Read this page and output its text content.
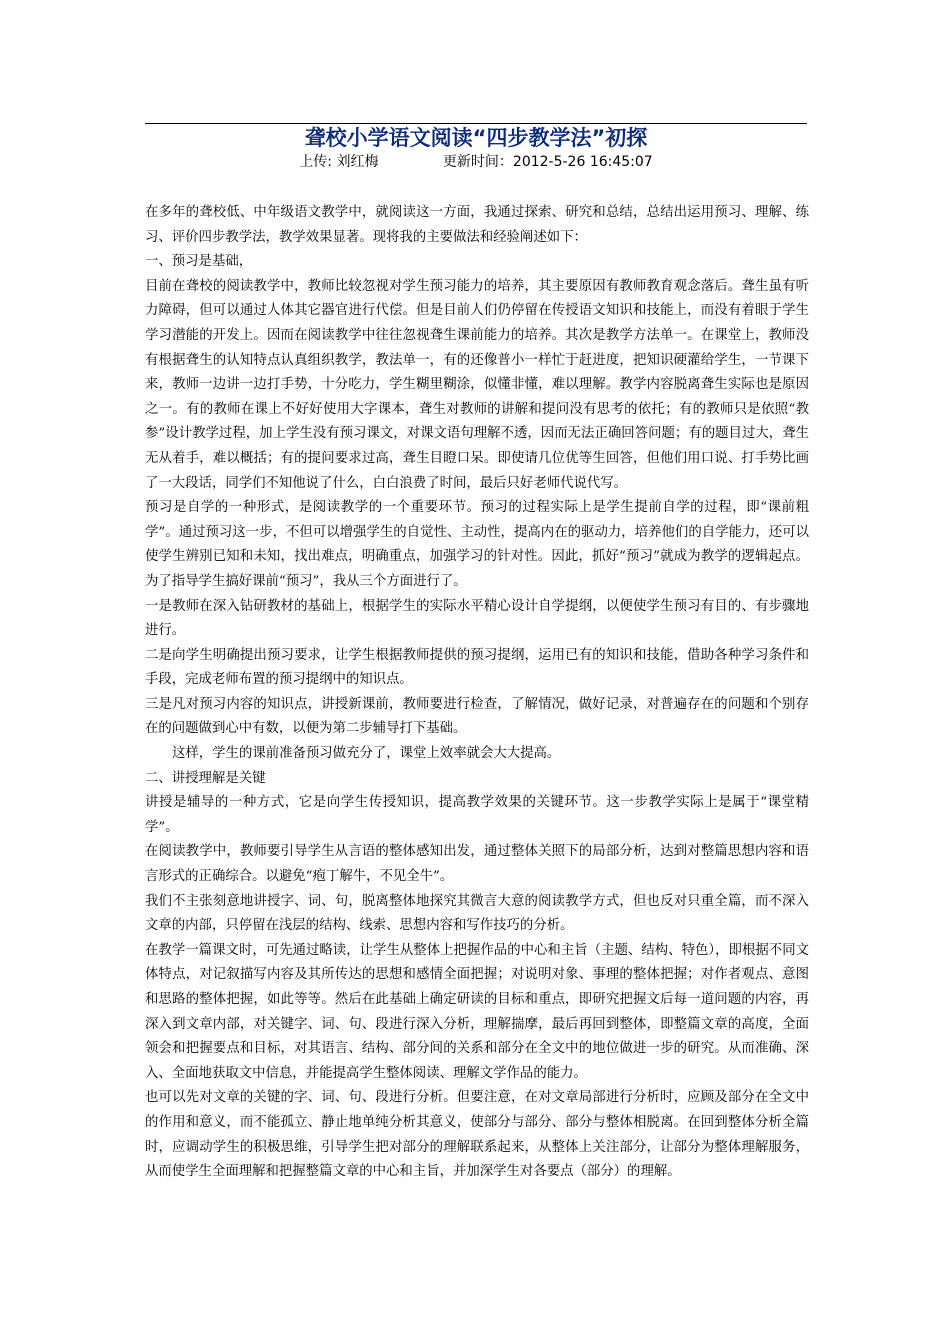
聋校小学语文阅读“四步教学法”初探
上传: 刘红梅	更新时间：2012-5-26 16:45:07

在多年的聋校低、中年级语文教学中，就阅读这一方面，我通过探索、研究和总结，总结出运用预习、理解、练习、评价四步教学法，教学效果显著。现将我的主要做法和经验阐述如下：

一、预习是基础，

目前在聋校的阅读教学中，教师比较忽视对学生预习能力的培养，其主要原因有教师教育观念落后。聋生虽有听力障碍，但可以通过人体其它器官进行代偿。但是目前人们仍停留在传授语文知识和技能上，而没有着眼于学生学习潜能的开发上。因而在阅读教学中往往忽视聋生课前能力的培养。其次是教学方法单一。在课堂上，教师没有根据聋生的认知特点认真组织教学，教法单一，有的还像普小一样忙于赶进度，把知识硬灌给学生，一节课下来，教师一边讲一边打手势，十分吃力，学生糊里糊涂，似懂非懂，难以理解。教学内容脱离聋生实际也是原因之一。有的教师在课上不好好使用大字课本，聋生对教师的讲解和提问没有思考的依托；有的教师只是依照“教参”设计教学过程，加上学生没有预习课文，对课文语句理解不透，因而无法正确回答问题；有的题目过大，聋生无从着手，难以概括；有的提问要求过高，聋生目瞪口呆。即使请几位优等生回答，但他们用口说、打手势比画了一大段话，同学们不知他说了什么，白白浪费了时间，最后只好老师代说代写。

预习是自学的一种形式，是阅读教学的一个重要环节。预习的过程实际上是学生提前自学的过程，即“课前粗学”。通过预习这一步，不但可以增强学生的自觉性、主动性，提高内在的驱动力，培养他们的自学能力，还可以使学生辨别已知和未知，找出难点，明确重点，加强学习的针对性。因此，抓好“预习”就成为教学的逻辑起点。为了指导学生搞好课前“预习”，我从三个方面进行了。

一是教师在深入钻研教材的基础上，根据学生的实际水平精心设计自学提纲，以便使学生预习有目的、有步骤地进行。

二是向学生明确提出预习要求，让学生根据教师提供的预习提纲，运用已有的知识和技能，借助各种学习条件和手段，完成老师布置的预习提纲中的知识点。

三是凡对预习内容的知识点，讲授新课前，教师要进行检查，了解情况，做好记录，对普遍存在的问题和个别存在的问题做到心中有数，以便为第二步辅导打下基础。

这样，学生的课前准备预习做充分了，课堂上效率就会大大提高。

二、讲授理解是关键

讲授是辅导的一种方式，它是向学生传授知识，提高教学效果的关键环节。这一步教学实际上是属于“课堂精学”。

在阅读教学中，教师要引导学生从言语的整体感知出发，通过整体关照下的局部分析，达到对整篇思想内容和语言形式的正确综合。以避免“疱丁解牛，不见全牛”。

我们不主张刻意地讲授字、词、句，脱离整体地探究其微言大意的阅读教学方式，但也反对只重全篇，而不深入文章的内部，只停留在浅层的结构、线索、思想内容和写作技巧的分析。

在教学一篇课文时，可先通过略读，让学生从整体上把握作品的中心和主旨（主题、结构、特色），即根据不同文体特点，对记叙描写内容及其所传达的思想和感情全面把握；对说明对象、事理的整体把握；对作者观点、意图和思路的整体把握，如此等等。然后在此基础上确定研读的目标和重点，即研究把握文后每一道问题的内容，再深入到文章内部，对关键字、词、句、段进行深入分析，理解揣摩，最后再回到整体，即整篇文章的高度，全面领会和把握要点和目标，对其语言、结构、部分间的关系和部分在全文中的地位做进一步的研究。从而准确、深入、全面地获取文中信息，并能提高学生整体阅读、理解文学作品的能力。

也可以先对文章的关键的字、词、句、段进行分析。但要注意，在对文章局部进行分析时，应顾及部分在全文中的作用和意义，而不能孤立、静止地单纯分析其意义，使部分与部分、部分与整体相脱离。在回到整体分析全篇时，应调动学生的积极思维，引导学生把对部分的理解联系起来，从整体上关注部分，让部分为整体理解服务，从而使学生全面理解和把握整篇文章的中心和主旨，并加深学生对各要点（部分）的理解。
